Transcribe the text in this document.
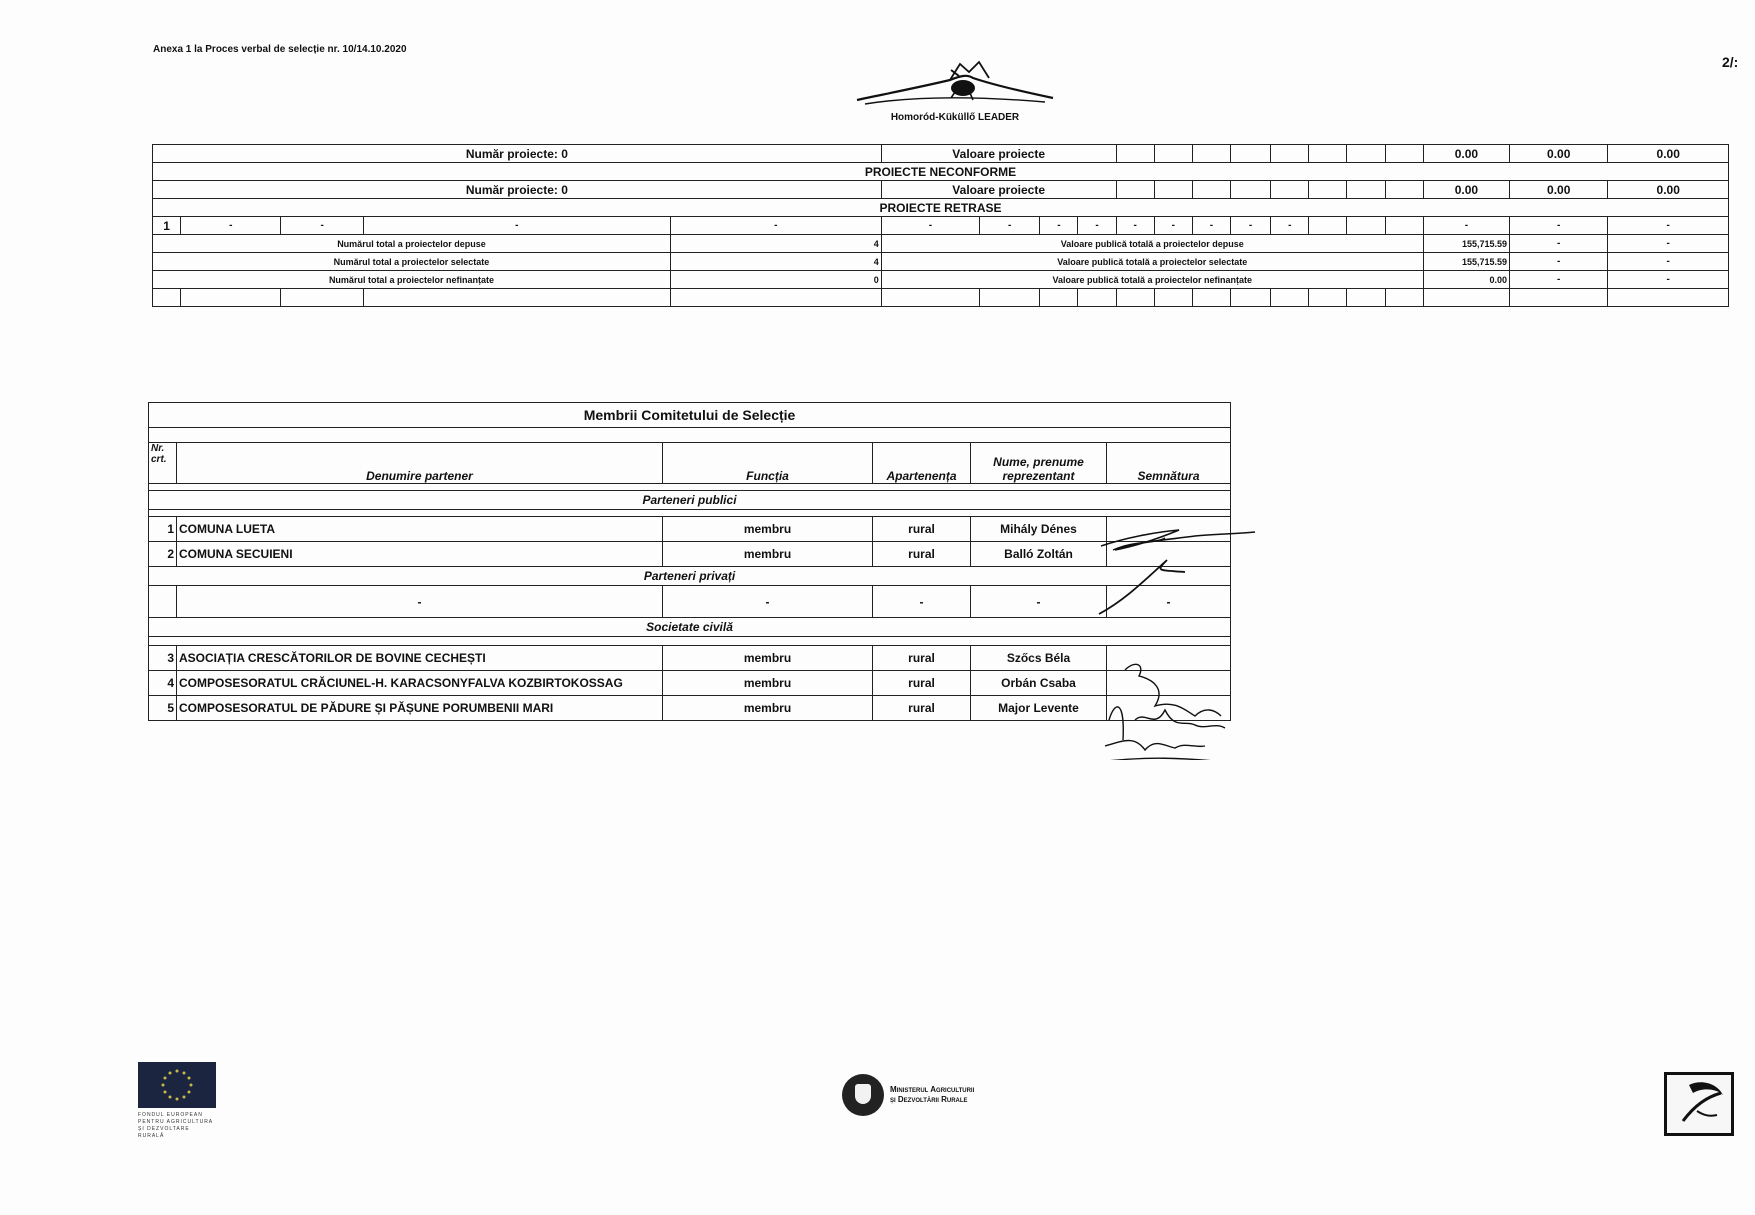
Anexa 1 la Proces verbal de selecție nr. 10/14.10.2020
2/:
Homoród-Küküllő LEADER
Număr proiecte: 0					Valoare proiecte												0.00	0.00	0.00
PROIECTE NECONFORME																			
Număr proiecte: 0					Valoare proiecte												0.00	0.00	0.00
PROIECTE RETRASE																			
1	-	-	-	-	-	-	-	-	-	-	-	-	-				-	-	-
Numărul total a proiectelor depuse				4	Valoare publică totală a proiectelor depuse												155,715.59	-	-
Numărul total a proiectelor selectate				4	Valoare publică totală a proiectelor selectate												155,715.59	-	-
Numărul total a proiectelor nefinanțate				0	Valoare publică totală a proiectelor nefinanțate												0.00	-	-

Membrii Comitetului de Selecție					

Nr. crt.	Denumire partener	Funcția	Apartenența	Nume, prenume reprezentant	Semnătura

Parteneri publici					

1	COMUNA LUETA	membru	rural	Mihály Dénes	
2	COMUNA SECUIENI	membru	rural	Balló Zoltán	
Parteneri privați					
	-	-	-	-	-
Societate civilă					

3	ASOCIAȚIA CRESCĂTORILOR DE BOVINE CECHEȘTI	membru	rural	Szőcs Béla	
4	COMPOSESORATUL CRĂCIUNEL-H. KARACSONYFALVA KOZBIRTOKOSSAG	membru	rural	Orbán Csaba	
5	COMPOSESORATUL DE PĂDURE ȘI PĂȘUNE PORUMBENII MARI	membru	rural	Major Levente	
FONDUL EUROPEAN PENTRU AGRICULTURA ȘI DEZVOLTARE RURALĂ
Ministerul Agriculturii
și Dezvoltării Rurale
